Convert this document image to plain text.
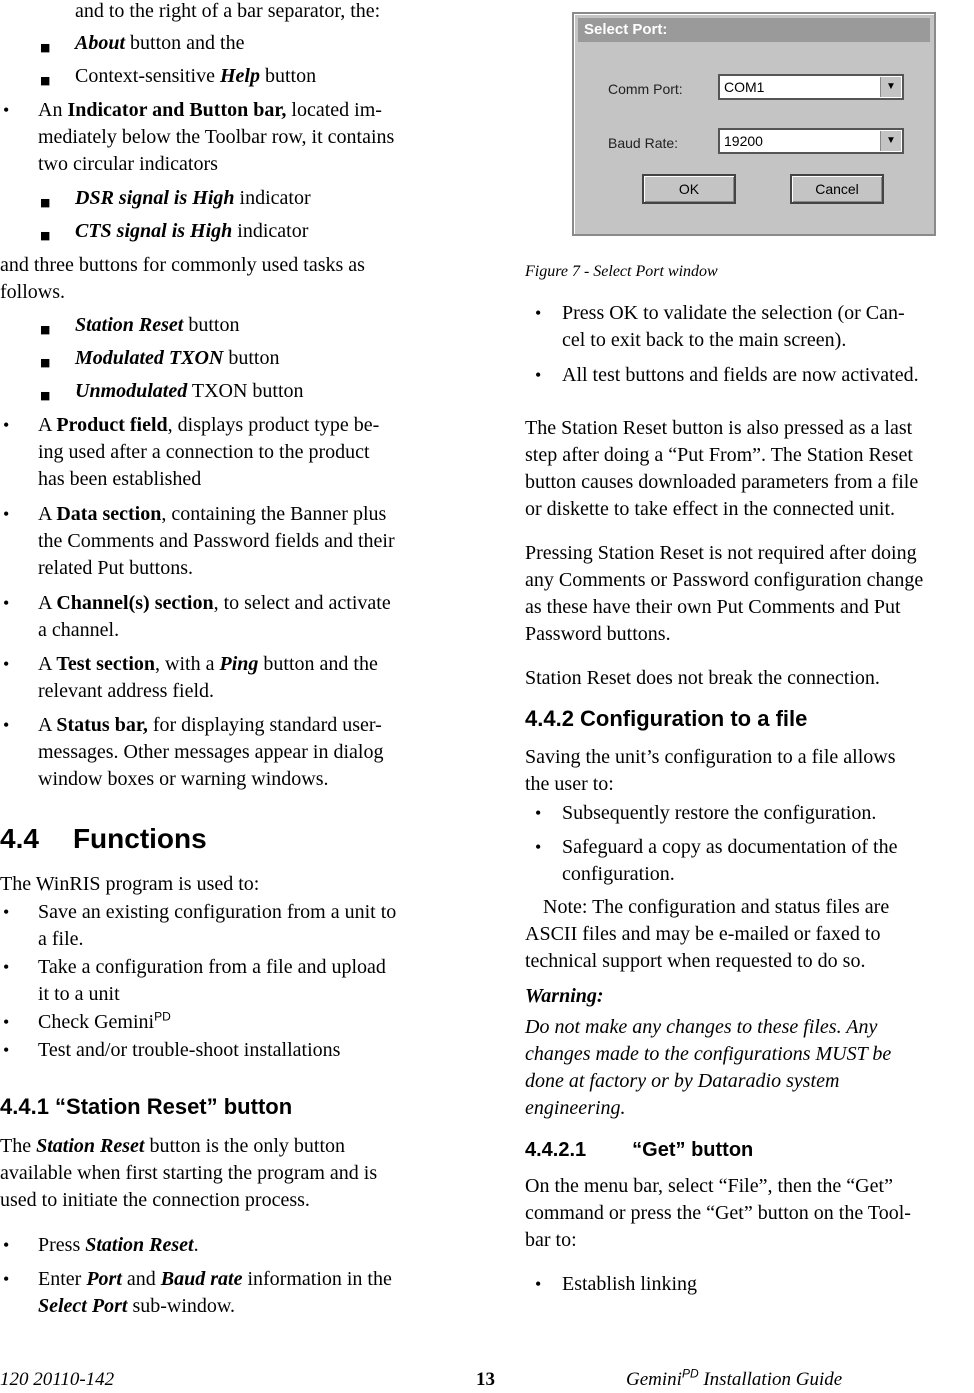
and to the right of a bar separator, the:
■ About button and the
■ Context-sensitive Help button
• An Indicator and Button bar, located im-
mediately below the Toolbar row, it contains
two circular indicators
■ DSR signal is High indicator
■ CTS signal is High indicator
and three buttons for commonly used tasks as
follows.
■ Station Reset button
■ Modulated TXON button
■ Unmodulated TXON button
• A Product field, displays product type be-
ing used after a connection to the product
has been established
• A Data section, containing the Banner plus
the Comments and Password fields and their
related Put buttons.
• A Channel(s) section, to select and activate
a channel.
• A Test section, with a Ping button and the
relevant address field.
• A Status bar, for displaying standard user-
messages. Other messages appear in dialog
window boxes or warning windows.
4.4 Functions
The WinRIS program is used to:
• Save an existing configuration from a unit to
a file.
• Take a configuration from a file and upload
it to a unit
• Check Gemini$^{PD}$
• Test and/or trouble-shoot installations
4.4.1 “Station Reset” button
The Station Reset button is the only button
available when first starting the program and is
used to initiate the connection process.
• Press Station Reset.
• Enter Port and Baud rate information in the
Select Port sub-window.
Select Port:
Comm Port:	COM1	▼
Baud Rate:	19200	▼
OK	Cancel
Figure 7 - Select Port window
• Press OK to validate the selection (or Can-
cel to exit back to the main screen).
• All test buttons and fields are now activated.
The Station Reset button is also pressed as a last
step after doing a “Put From”. The Station Reset
button causes downloaded parameters from a file
or diskette to take effect in the connected unit.
Pressing Station Reset is not required after doing
any Comments or Password configuration change
as these have their own Put Comments and Put
Password buttons.
Station Reset does not break the connection.
4.4.2 Configuration to a file
Saving the unit’s configuration to a file allows
the user to:
• Subsequently restore the configuration.
• Safeguard a copy as documentation of the
configuration.
Note: The configuration and status files are
ASCII files and may be e-mailed or faxed to
technical support when requested to do so.
Warning:
Do not make any changes to these files. Any
changes made to the configurations MUST be
done at factory or by Dataradio system
engineering.
4.4.2.1 “Get” button
On the menu bar, select “File”, then the “Get”
command or press the “Get” button on the Tool-
bar to:
• Establish linking
120 20110-142	13	Gemini$^{PD}$ Installation Guide
